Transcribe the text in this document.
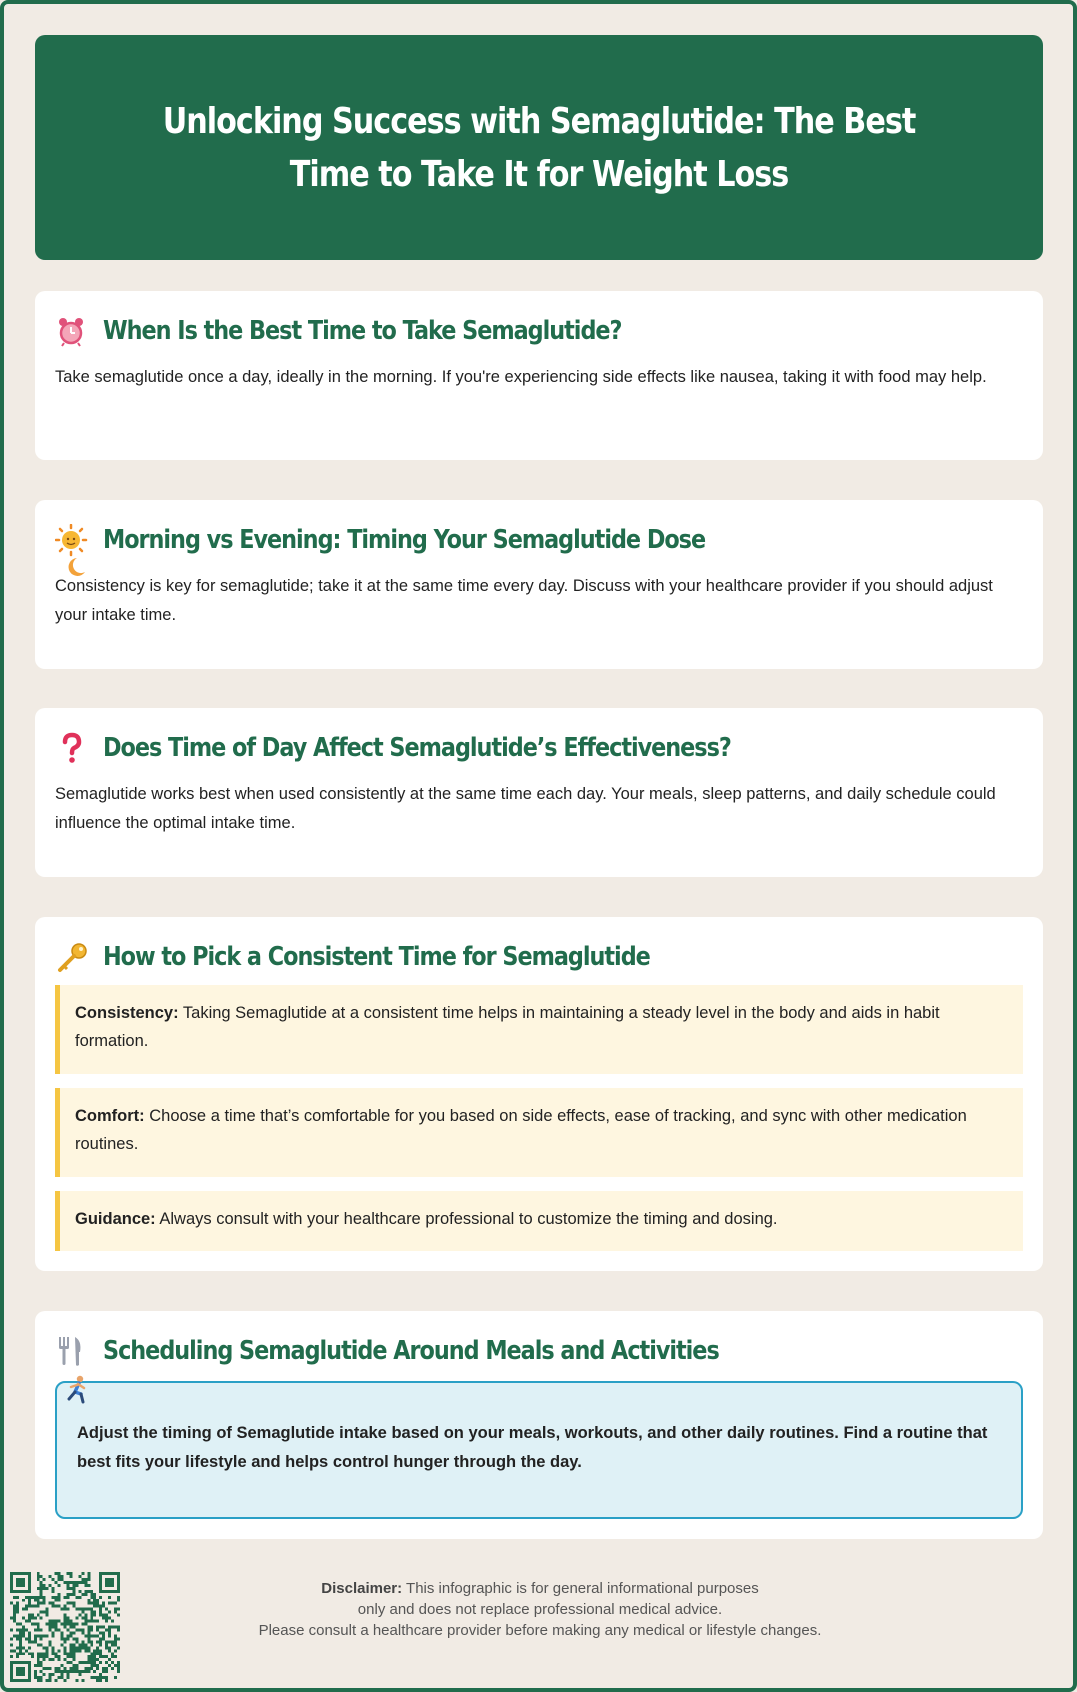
Unlocking Success with Semaglutide: The Best Time to Take It for Weight Loss
When Is the Best Time to Take Semaglutide?

Take semaglutide once a day, ideally in the morning. If you're experiencing side effects like nausea, taking it with food may help.

Morning vs Evening: Timing Your Semaglutide Dose

Consistency is key for semaglutide; take it at the same time every day. Discuss with your healthcare provider if you should adjust your intake time.

Does Time of Day Affect Semaglutide’s Effectiveness?

Semaglutide works best when used consistently at the same time each day. Your meals, sleep patterns, and daily schedule could influence the optimal intake time.

How to Pick a Consistent Time for Semaglutide
Consistency: Taking Semaglutide at a consistent time helps in maintaining a steady level in the body and aids in habit formation.
Comfort: Choose a time that’s comfortable for you based on side effects, ease of tracking, and sync with other medication routines.
Guidance: Always consult with your healthcare professional to customize the timing and dosing.
Scheduling Semaglutide Around Meals and Activities
Adjust the timing of Semaglutide intake based on your meals, workouts, and other daily routines. Find a routine that best fits your lifestyle and helps control hunger through the day.
Disclaimer: This infographic is for general informational purposes
only and does not replace professional medical advice.
Please consult a healthcare provider before making any medical or lifestyle changes.
